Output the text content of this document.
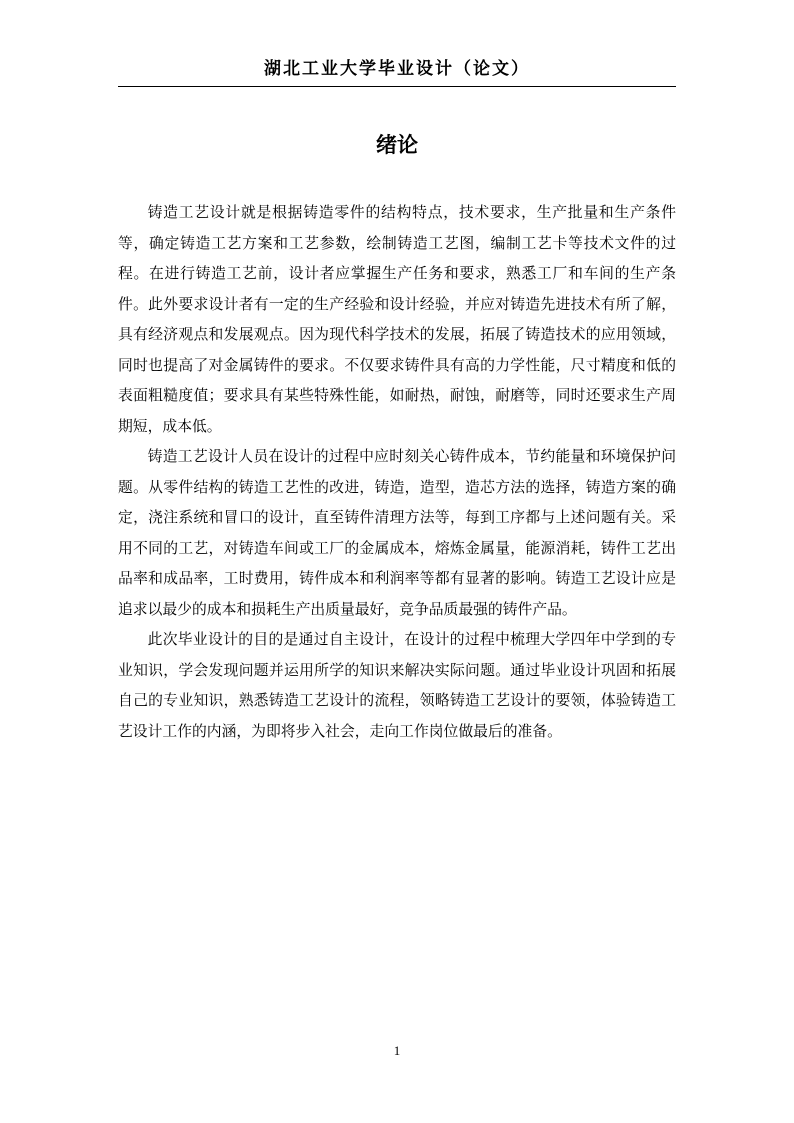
湖北工业大学毕业设计（论文）
绪论

铸造工艺设计就是根据铸造零件的结构特点，技术要求，生产批量和生产条件等，确定铸造工艺方案和工艺参数，绘制铸造工艺图，编制工艺卡等技术文件的过程。在进行铸造工艺前，设计者应掌握生产任务和要求，熟悉工厂和车间的生产条件。此外要求设计者有一定的生产经验和设计经验，并应对铸造先进技术有所了解，具有经济观点和发展观点。因为现代科学技术的发展，拓展了铸造技术的应用领域，同时也提高了对金属铸件的要求。不仅要求铸件具有高的力学性能，尺寸精度和低的表面粗糙度值；要求具有某些特殊性能，如耐热，耐蚀，耐磨等，同时还要求生产周期短，成本低。

铸造工艺设计人员在设计的过程中应时刻关心铸件成本，节约能量和环境保护问题。从零件结构的铸造工艺性的改进，铸造，造型，造芯方法的选择，铸造方案的确定，浇注系统和冒口的设计，直至铸件清理方法等，每到工序都与上述问题有关。采用不同的工艺，对铸造车间或工厂的金属成本，熔炼金属量，能源消耗，铸件工艺出品率和成品率，工时费用，铸件成本和利润率等都有显著的影响。铸造工艺设计应是追求以最少的成本和损耗生产出质量最好，竞争品质最强的铸件产品。

此次毕业设计的目的是通过自主设计，在设计的过程中梳理大学四年中学到的专业知识，学会发现问题并运用所学的知识来解决实际问题。通过毕业设计巩固和拓展自己的专业知识，熟悉铸造工艺设计的流程，领略铸造工艺设计的要领，体验铸造工艺设计工作的内涵，为即将步入社会，走向工作岗位做最后的准备。

1
